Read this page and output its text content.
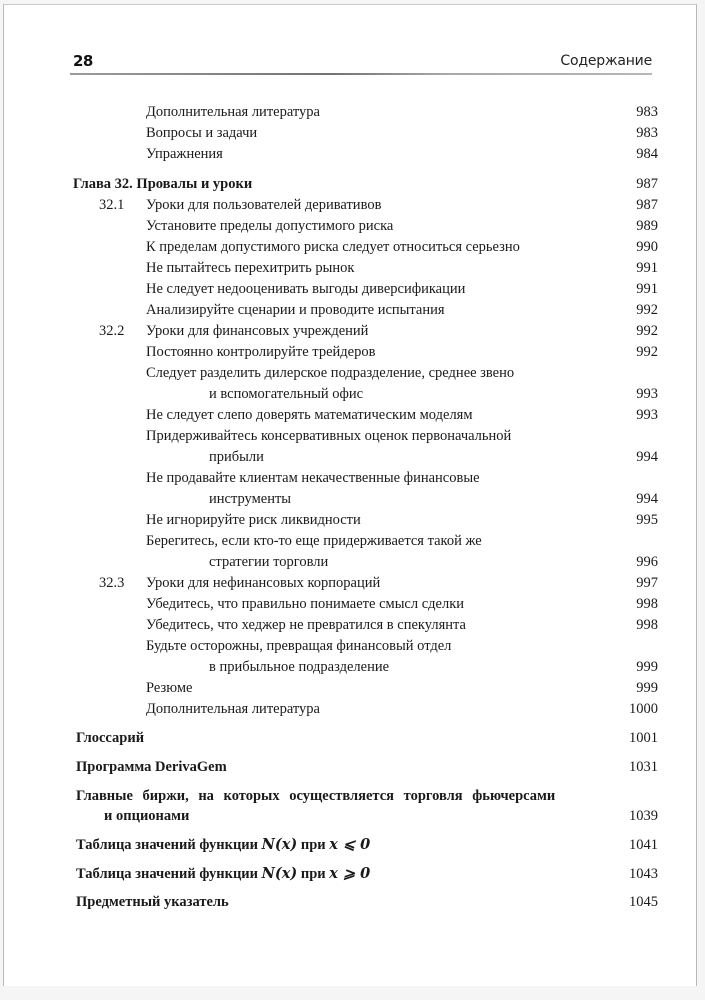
28	Содержание
Дополнительная литература	983
Вопросы и задачи	983
Упражнения	984
Глава 32. Провалы и уроки	987
32.1 Уроки для пользователей деривативов	987
Установите пределы допустимого риска	989
К пределам допустимого риска следует относиться серьезно	990
Не пытайтесь перехитрить рынок	991
Не следует недооценивать выгоды диверсификации	991
Анализируйте сценарии и проводите испытания	992
32.2 Уроки для финансовых учреждений	992
Постоянно контролируйте трейдеров	992
Следует разделить дилерское подразделение, среднее звено
и вспомогательный офис	993
Не следует слепо доверять математическим моделям	993
Придерживайтесь консервативных оценок первоначальной
прибыли	994
Не продавайте клиентам некачественные финансовые
инструменты	994
Не игнорируйте риск ликвидности	995
Берегитесь, если кто-то еще придерживается такой же
стратегии торговли	996
32.3 Уроки для нефинансовых корпораций	997
Убедитесь, что правильно понимаете смысл сделки	998
Убедитесь, что хеджер не превратился в спекулянта	998
Будьте осторожны, превращая финансовый отдел
в прибыльное подразделение	999
Резюме	999
Дополнительная литература	1000
Глоссарий	1001
Программа DerivaGem	1031
Главные биржи, на которых осуществляется торговля фьючерсами
и опционами	1039
Таблица значений функции N(x) при x ⩽ 0	1041
Таблица значений функции N(x) при x ⩾ 0	1043
Предметный указатель	1045
